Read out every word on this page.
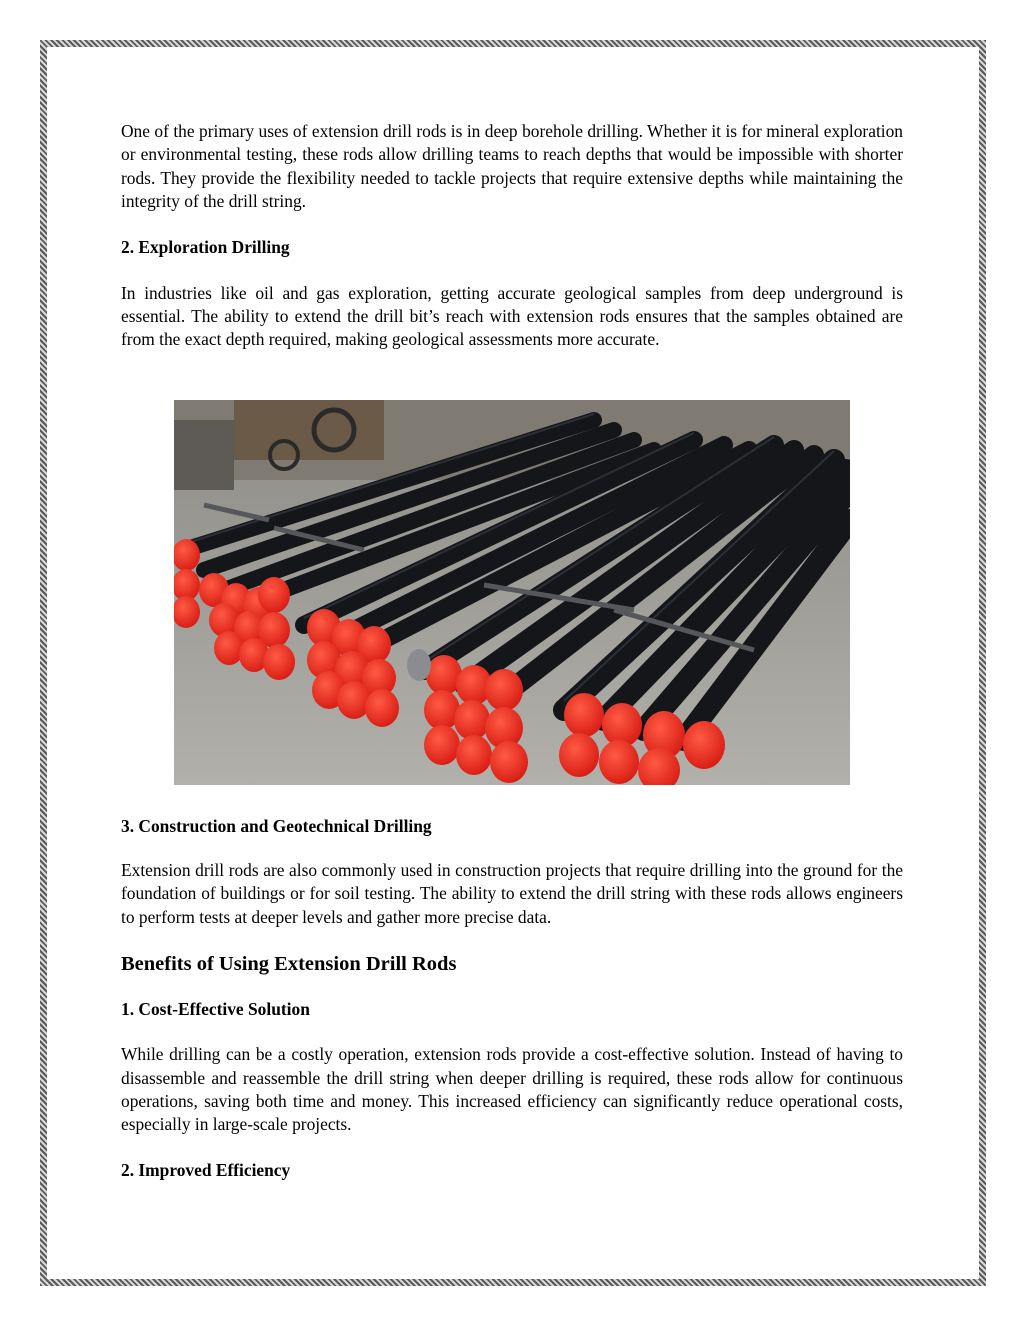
One of the primary uses of extension drill rods is in deep borehole drilling. Whether it is for mineral exploration or environmental testing, these rods allow drilling teams to reach depths that would be impossible with shorter rods. They provide the flexibility needed to tackle projects that require extensive depths while maintaining the integrity of the drill string.

2. Exploration Drilling

In industries like oil and gas exploration, getting accurate geological samples from deep underground is essential. The ability to extend the drill bit’s reach with extension rods ensures that the samples obtained are from the exact depth required, making geological assessments more accurate.

3. Construction and Geotechnical Drilling

Extension drill rods are also commonly used in construction projects that require drilling into the ground for the foundation of buildings or for soil testing. The ability to extend the drill string with these rods allows engineers to perform tests at deeper levels and gather more precise data.

Benefits of Using Extension Drill Rods
1. Cost-Effective Solution

While drilling can be a costly operation, extension rods provide a cost-effective solution. Instead of having to disassemble and reassemble the drill string when deeper drilling is required, these rods allow for continuous operations, saving both time and money. This increased efficiency can significantly reduce operational costs, especially in large-scale projects.

2. Improved Efficiency
